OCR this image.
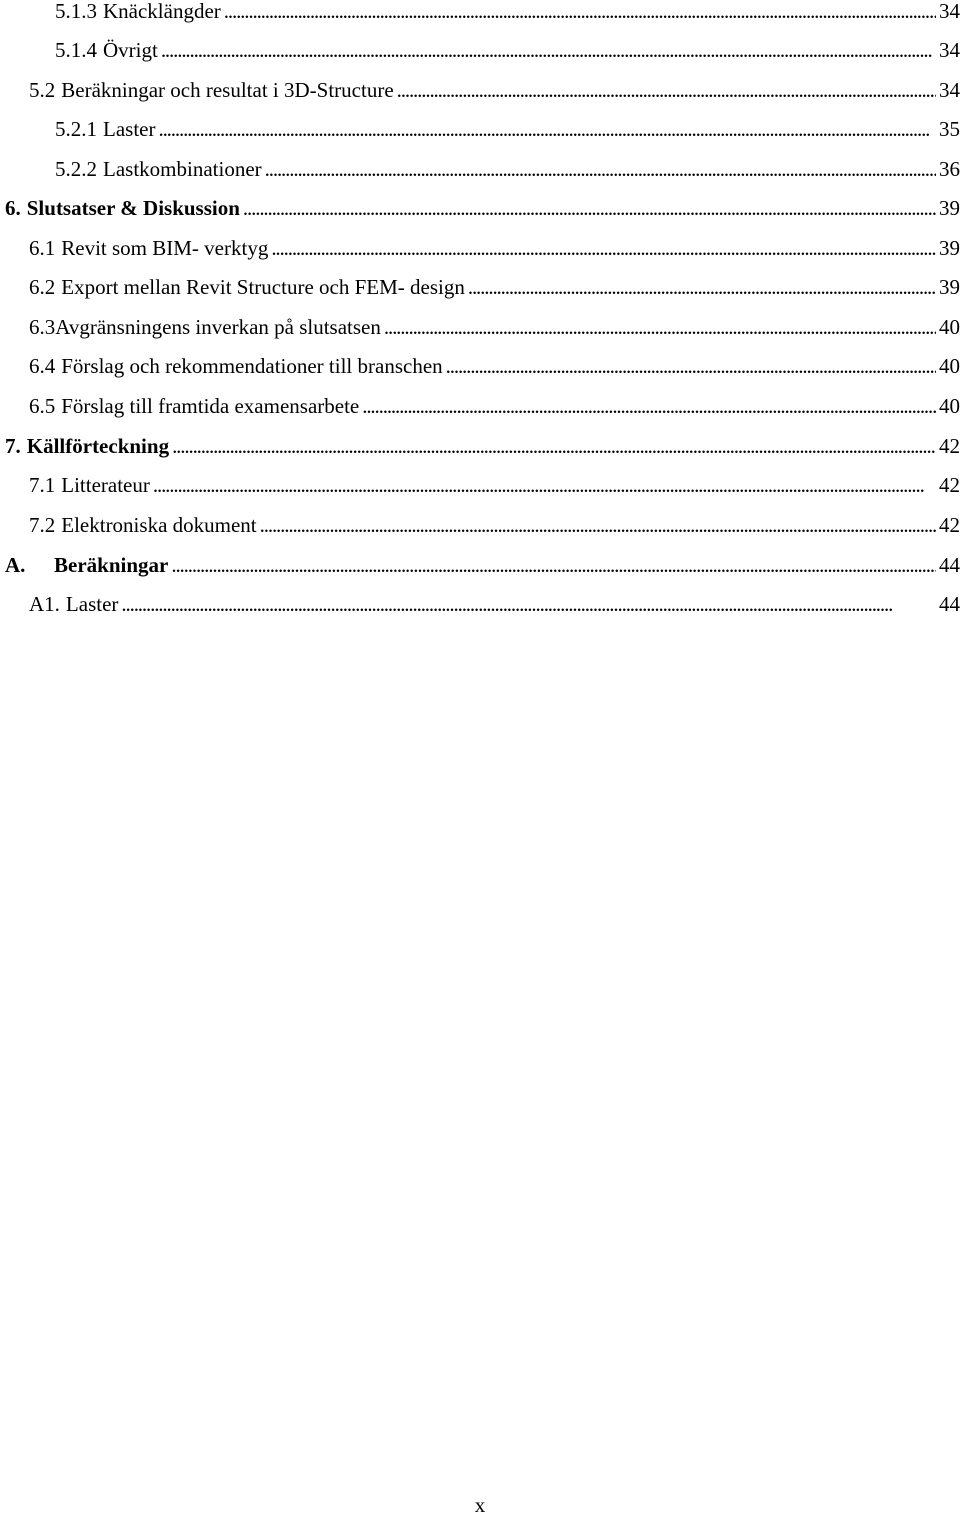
5.1.3 Knäcklängder . . .	34
5.1.4 Övrigt . . .	34
5.2 Beräkningar och resultat i 3D-Structure . . .	34
5.2.1 Laster . . .	35
5.2.2 Lastkombinationer . . .	36
6. Slutsatser & Diskussion . . .	39
6.1 Revit som BIM- verktyg . . .	39
6.2 Export mellan Revit Structure och FEM- design . . .	39
6.3 Avgränsningens inverkan på slutsatsen . . .	40
6.4 Förslag och rekommendationer till branschen . . .	40
6.5 Förslag till framtida examensarbete . . .	40
7. Källförteckning . . .	42
7.1 Litterateur . . .	42
7.2 Elektroniska dokument . . .	42
A.	Beräkningar . . .	44
A1. Laster . . .	44
x
